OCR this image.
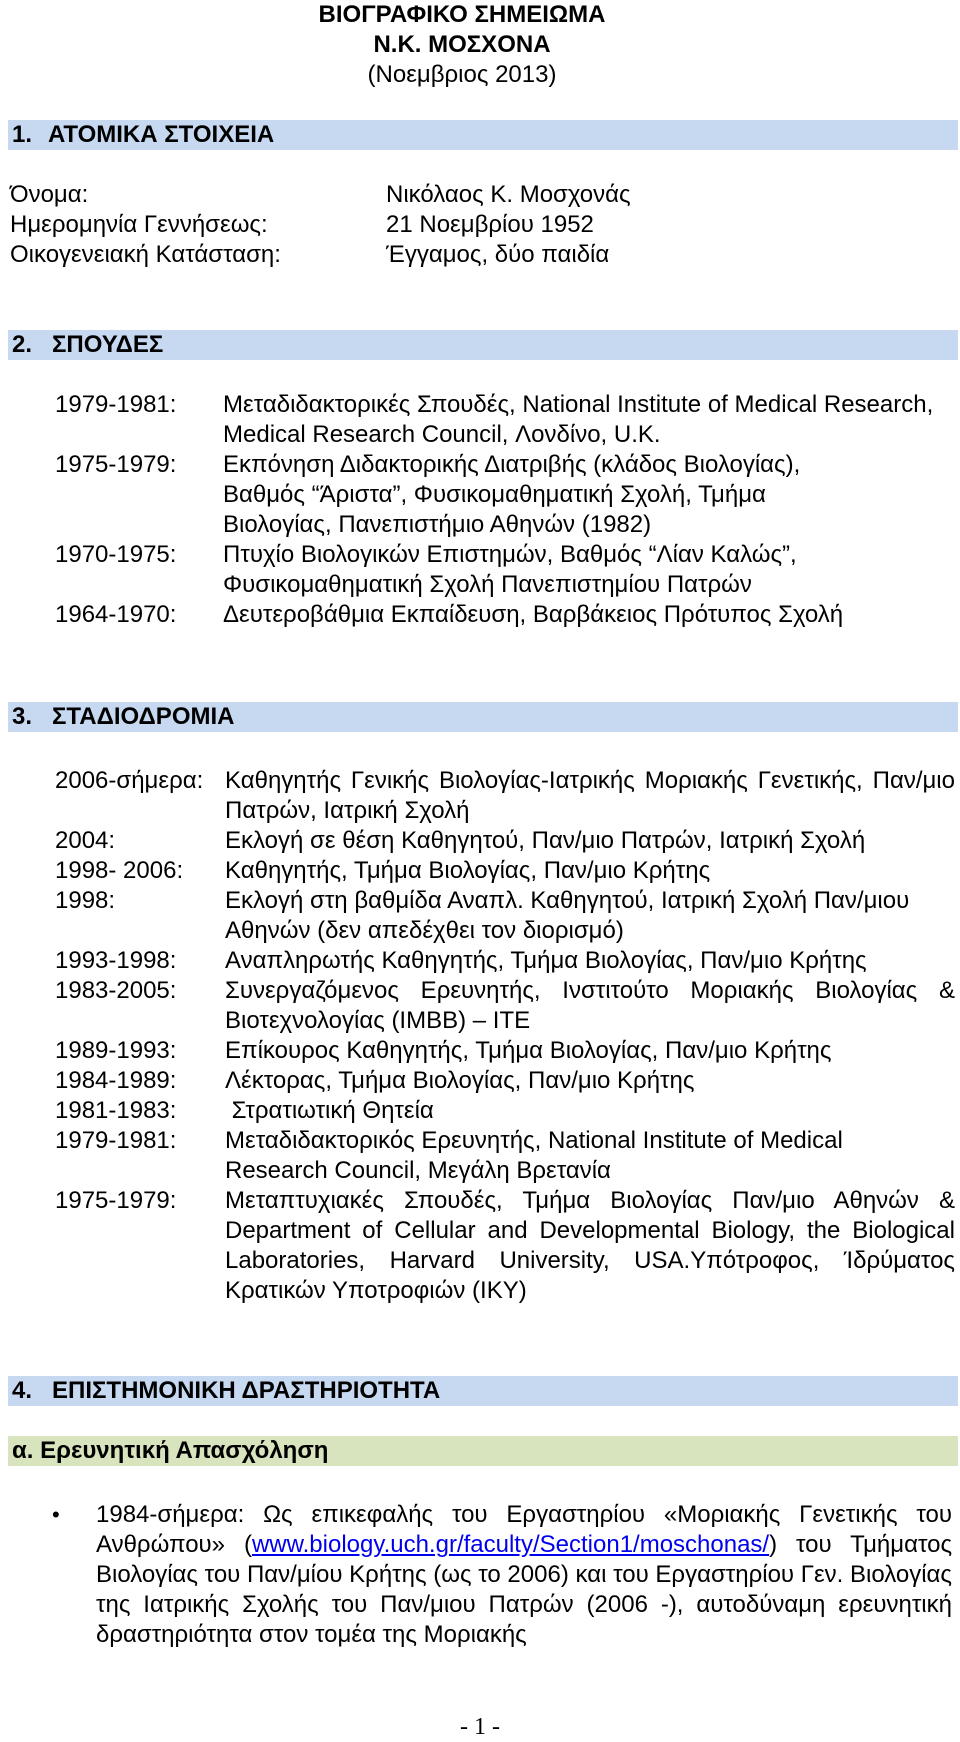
ΒΙΟΓΡΑΦΙΚΟ ΣΗΜΕΙΩΜΑ
Ν.Κ. ΜΟΣΧΟΝΑ
(Νοεμβριος 2013)
1. ΑΤΟΜΙΚΑ ΣΤΟΙΧΕΙΑ
Όνομα:	Νικόλαος Κ. Μοσχονάς
Ημερομηνία Γεννήσεως:	21 Νοεμβρίου 1952
Οικογενειακή Κατάσταση:	Έγγαμος, δύο παιδία
2. ΣΠΟΥΔΕΣ
1979-1981: Μεταδιδακτορικές Σπουδές, National Institute of Medical Research, Medical Research Council, Λονδίνο, U.K.
1975-1979: Εκπόνηση Διδακτορικής Διατριβής (κλάδος Βιολογίας), Βαθμός “Άριστα”, Φυσικομαθηματική Σχολή, Τμήμα Βιολογίας, Πανεπιστήμιο Αθηνών (1982)
1970-1975: Πτυχίο Βιολογικών Επιστημών, Βαθμός “Λίαν Καλώς”, Φυσικομαθηματική Σχολή Πανεπιστημίου Πατρών
1964-1970: Δευτεροβάθμια Εκπαίδευση, Βαρβάκειος Πρότυπος Σχολή
3. ΣΤΑΔΙΟΔΡΟΜΙΑ
2006-σήμερα: Καθηγητής Γενικής Βιολογίας-Ιατρικής Μοριακής Γενετικής, Παν/μιο Πατρών, Ιατρική Σχολή
2004:	Εκλογή σε θέση Καθηγητού, Παν/μιο Πατρών, Ιατρική Σχολή
1998- 2006: Καθηγητής, Τμήμα Βιολογίας, Παν/μιο Κρήτης
1998:	Εκλογή στη βαθμίδα Αναπλ. Καθηγητού, Ιατρική Σχολή Παν/μιου Αθηνών (δεν απεδέχθει τον διορισμό)
1993-1998: Αναπληρωτής Καθηγητής, Τμήμα Βιολογίας, Παν/μιο Κρήτης
1983-2005: Συνεργαζόμενος Ερευνητής, Ινστιτούτο Μοριακής Βιολογίας & Βιοτεχνολογίας (ΙΜΒΒ) – ΙΤΕ
1989-1993: Επίκουρος Καθηγητής, Τμήμα Βιολογίας, Παν/μιο Κρήτης
1984-1989: Λέκτορας, Τμήμα Βιολογίας, Παν/μιο Κρήτης
1981-1983: Στρατιωτική Θητεία
1979-1981: Μεταδιδακτορικός Ερευνητής, National Institute of Medical Research Council, Μεγάλη Βρετανία
1975-1979: Μεταπτυχιακές Σπουδές, Τμήμα Βιολογίας Παν/μιο Αθηνών & Department of Cellular and Developmental Biology, the Biological Laboratories, Harvard University, USA.Υπότροφος, Ίδρύματος Κρατικών Υποτροφιών (ΙΚΥ)
4. ΕΠΙΣΤΗΜΟΝΙΚΗ ΔΡΑΣΤΗΡΙΟΤΗΤΑ
α. Ερευνητική Απασχόληση
• 1984-σήμερα: Ως επικεφαλής του Εργαστηρίου «Μοριακής Γενετικής του Ανθρώπου» (www.biology.uch.gr/faculty/Section1/moschonas/) του Τμήματος Βιολογίας του Παν/μίου Κρήτης (ως το 2006) και του Εργαστηρίου Γεν. Βιολογίας της Ιατρικής Σχολής του Παν/μιου Πατρών (2006 -), αυτοδύναμη ερευνητική δραστηριότητα στον τομέα της Μοριακής
- 1 -
